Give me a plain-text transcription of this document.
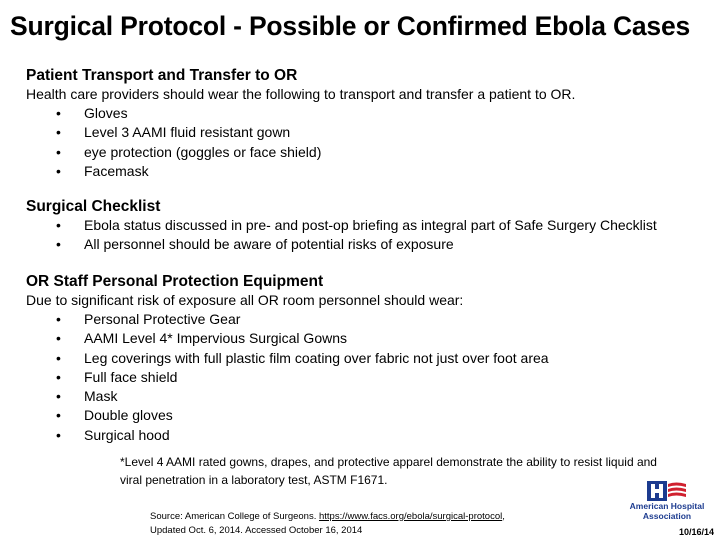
Surgical Protocol - Possible or Confirmed Ebola Cases
Patient Transport and Transfer to OR
Health care providers should wear the following to transport and transfer a patient to OR.
• Gloves
• Level 3 AAMI fluid resistant gown
• eye protection (goggles or face shield)
• Facemask
Surgical Checklist
• Ebola status discussed in pre- and post-op briefing as integral part of Safe Surgery Checklist
• All personnel should be aware of potential risks of exposure
OR Staff Personal Protection Equipment
Due to significant risk of exposure all OR room personnel should wear:
• Personal Protective Gear
• AAMI Level 4* Impervious Surgical Gowns
• Leg coverings with full plastic film coating over fabric not just over foot area
• Full face shield
• Mask
• Double gloves
• Surgical hood
*Level 4 AAMI rated gowns, drapes, and protective apparel demonstrate the ability to resist liquid and viral penetration in a laboratory test, ASTM F1671.
Source: American College of Surgeons. https://www.facs.org/ebola/surgical-protocol,
Updated Oct. 6, 2014. Accessed October 16, 2014
American Hospital
Association
10/16/14
